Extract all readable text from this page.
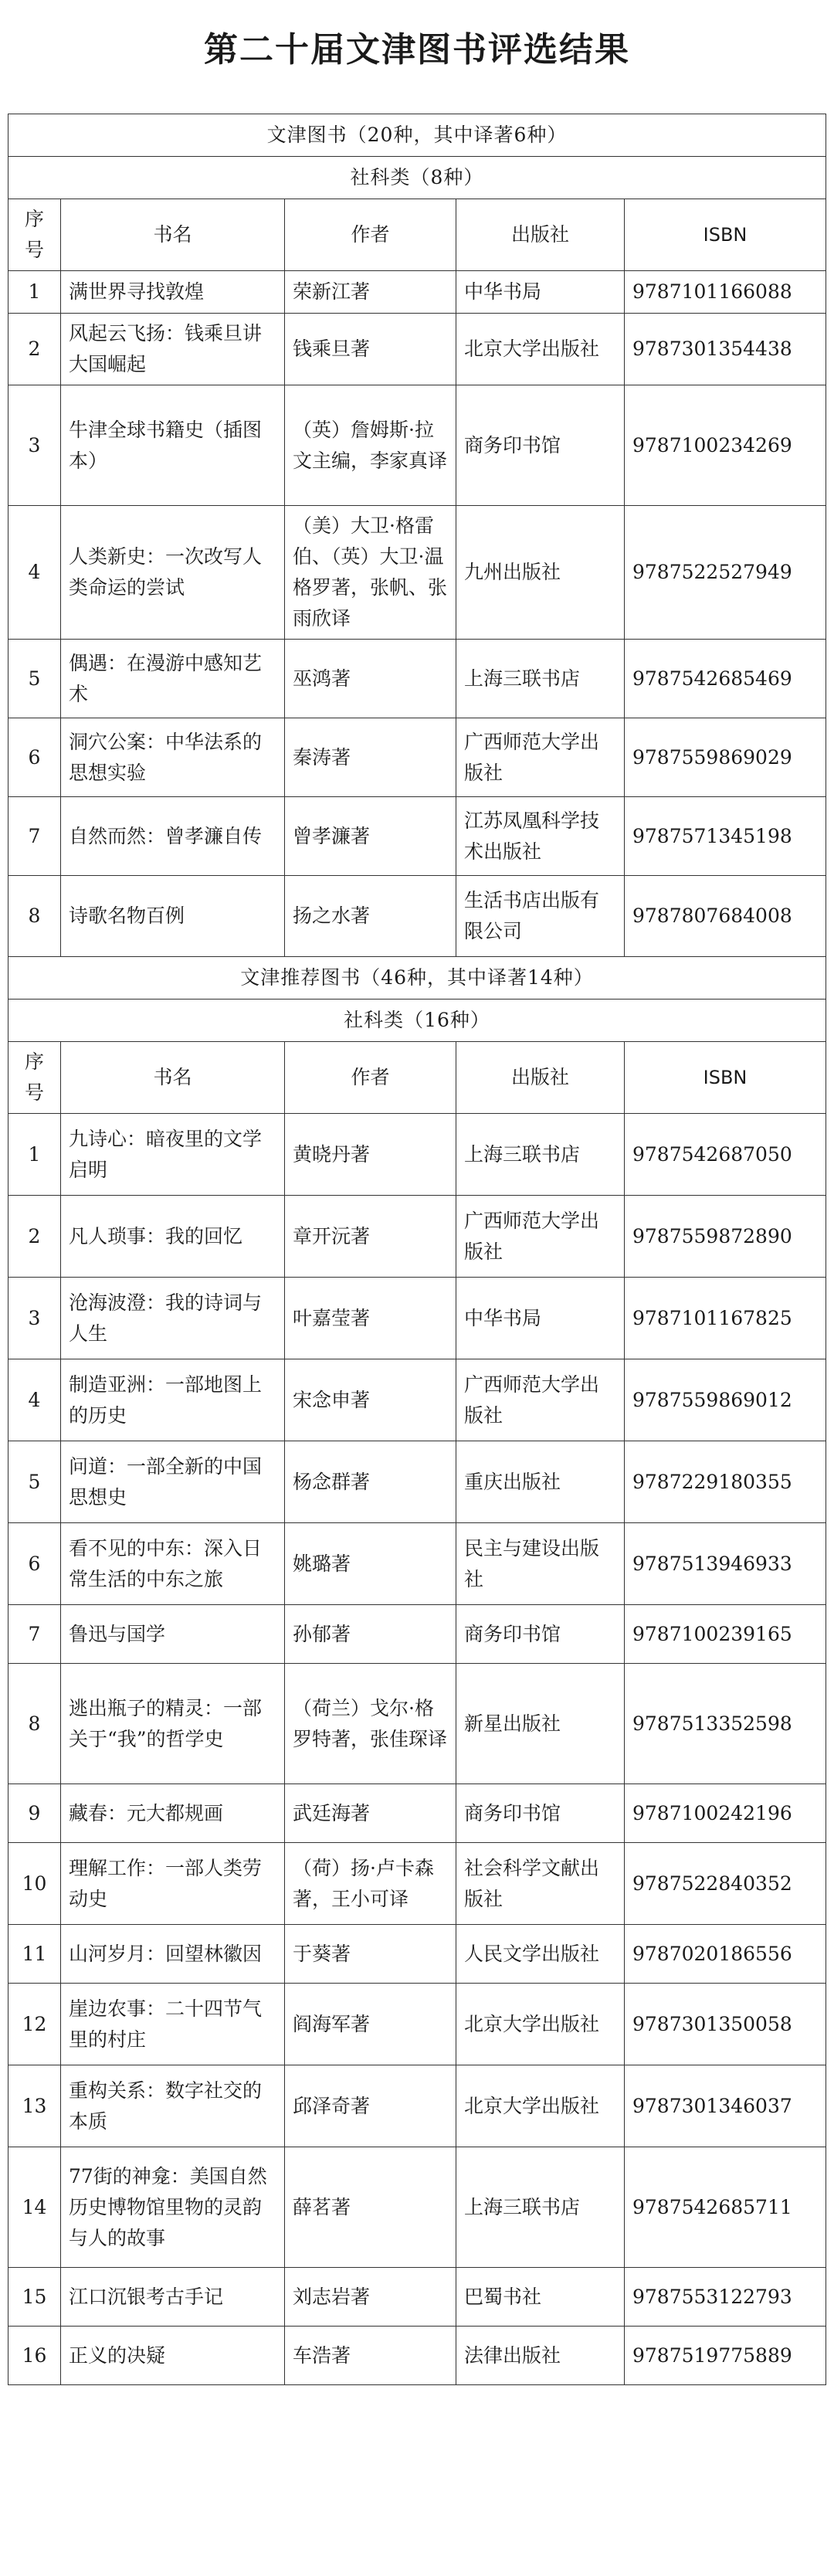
第二十届文津图书评选结果
文津图书（20种，其中译著6种）				
社科类（8种）				
序号	书名	作者	出版社	ISBN
1	满世界寻找敦煌	荣新江著	中华书局	9787101166088
2	风起云飞扬：钱乘旦讲大国崛起	钱乘旦著	北京大学出版社	9787301354438
3	牛津全球书籍史（插图本）	（英）詹姆斯·拉文主编，李家真译	商务印书馆	9787100234269
4	人类新史：一次改写人类命运的尝试	（美）大卫·格雷伯、（英）大卫·温格罗著，张帆、张雨欣译	九州出版社	9787522527949
5	偶遇：在漫游中感知艺术	巫鸿著	上海三联书店	9787542685469
6	洞穴公案：中华法系的思想实验	秦涛著	广西师范大学出版社	9787559869029
7	自然而然：曾孝濂自传	曾孝濂著	江苏凤凰科学技术出版社	9787571345198
8	诗歌名物百例	扬之水著	生活书店出版有限公司	9787807684008
文津推荐图书（46种，其中译著14种）				
社科类（16种）				
序号	书名	作者	出版社	ISBN
1	九诗心：暗夜里的文学启明	黄晓丹著	上海三联书店	9787542687050
2	凡人琐事：我的回忆	章开沅著	广西师范大学出版社	9787559872890
3	沧海波澄：我的诗词与人生	叶嘉莹著	中华书局	9787101167825
4	制造亚洲：一部地图上的历史	宋念申著	广西师范大学出版社	9787559869012
5	问道：一部全新的中国思想史	杨念群著	重庆出版社	9787229180355
6	看不见的中东：深入日常生活的中东之旅	姚璐著	民主与建设出版社	9787513946933
7	鲁迅与国学	孙郁著	商务印书馆	9787100239165
8	逃出瓶子的精灵：一部关于“我”的哲学史	（荷兰）戈尔·格罗特著，张佳琛译	新星出版社	9787513352598
9	藏春：元大都规画	武廷海著	商务印书馆	9787100242196
10	理解工作：一部人类劳动史	（荷）扬·卢卡森著，王小可译	社会科学文献出版社	9787522840352
11	山河岁月：回望林徽因	于葵著	人民文学出版社	9787020186556
12	崖边农事：二十四节气里的村庄	阎海军著	北京大学出版社	9787301350058
13	重构关系：数字社交的本质	邱泽奇著	北京大学出版社	9787301346037
14	77街的神龛：美国自然历史博物馆里物的灵韵与人的故事	薛茗著	上海三联书店	9787542685711
15	江口沉银考古手记	刘志岩著	巴蜀书社	9787553122793
16	正义的决疑	车浩著	法律出版社	9787519775889
